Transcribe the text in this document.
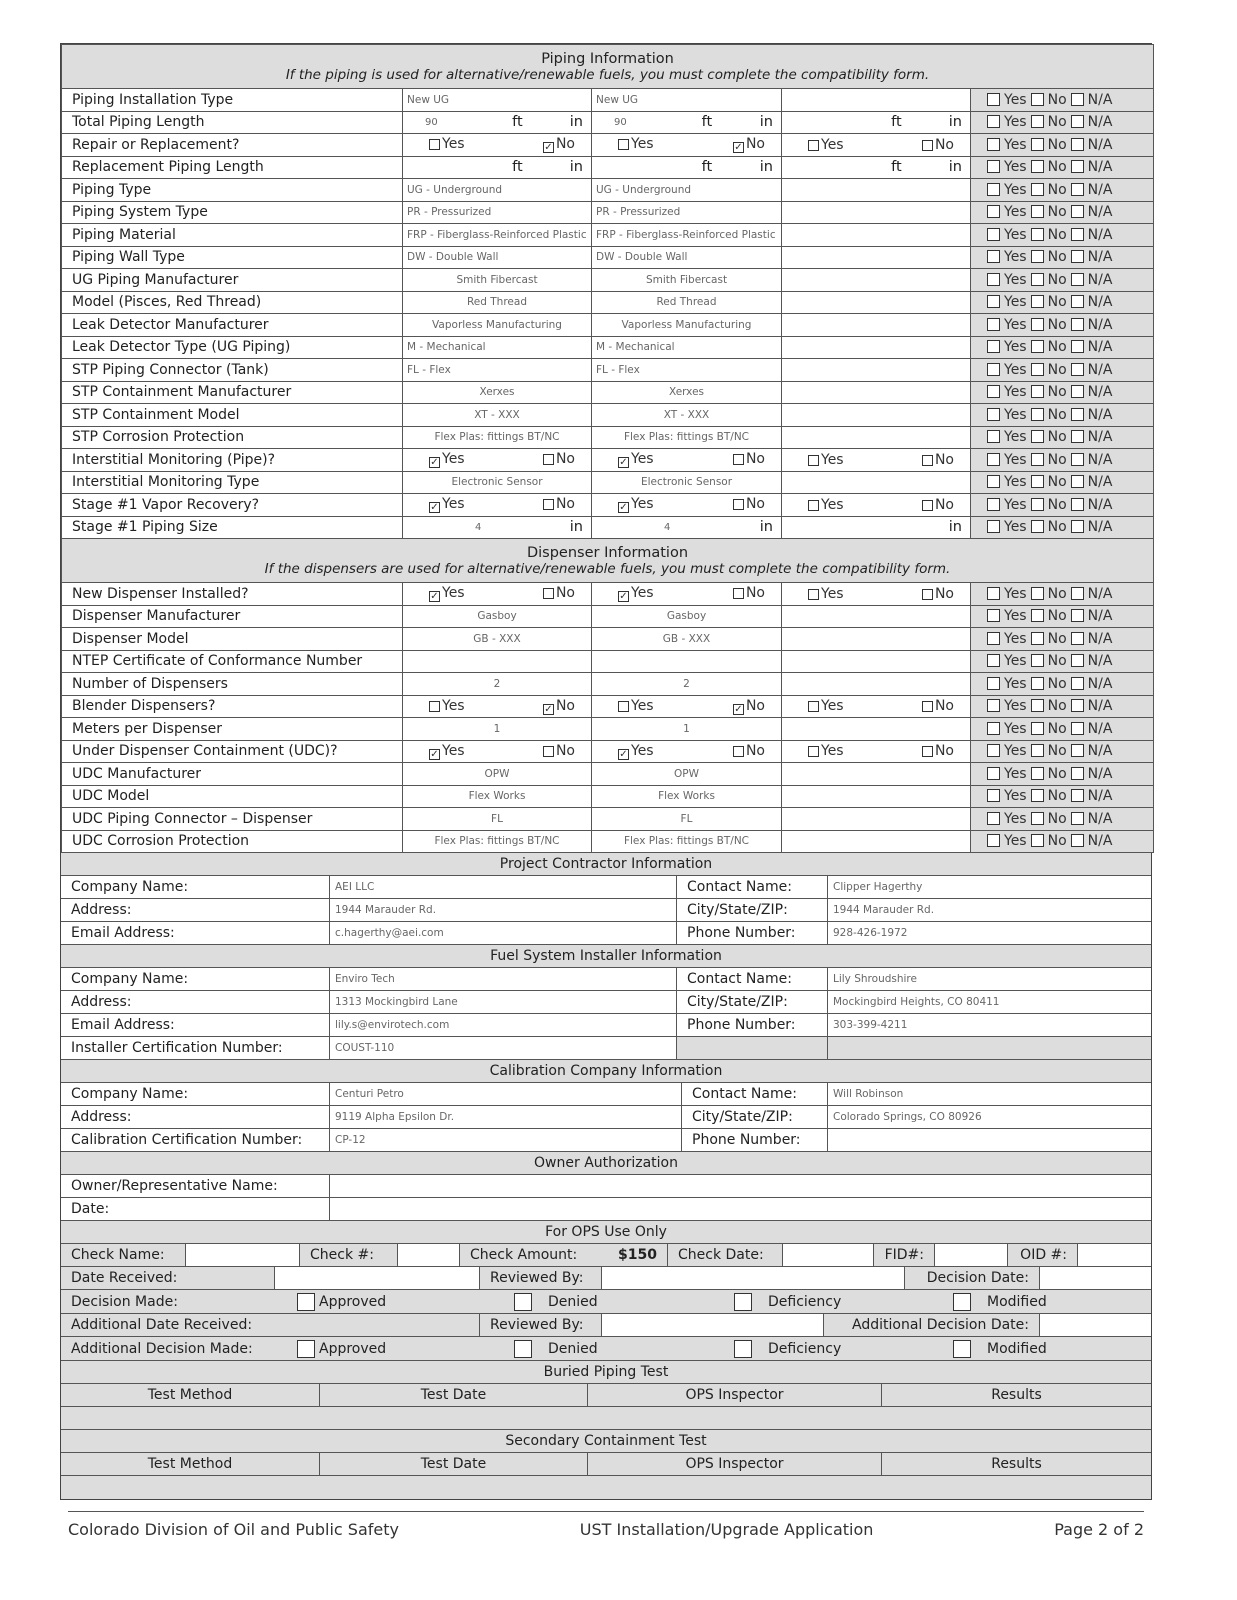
Piping Information
If the piping is used for alternative/renewable fuels, you must complete the compatibility form.				

Piping Installation Type	New UG	New UG		Yes No N/A
Total Piping Length	90 ft in	90 ft in	ft in	Yes No N/A
Repair or Replacement?	Yes ✓ No	Yes ✓ No	Yes No	Yes No N/A
Replacement Piping Length	ft in	ft in	ft in	Yes No N/A
Piping Type	UG - Underground	UG - Underground		Yes No N/A
Piping System Type	PR - Pressurized	PR - Pressurized		Yes No N/A
Piping Material	FRP - Fiberglass-Reinforced Plastic	FRP - Fiberglass-Reinforced Plastic		Yes No N/A
Piping Wall Type	DW - Double Wall	DW - Double Wall		Yes No N/A
UG Piping Manufacturer	Smith Fibercast	Smith Fibercast		Yes No N/A
Model (Pisces, Red Thread)	Red Thread	Red Thread		Yes No N/A
Leak Detector Manufacturer	Vaporless Manufacturing	Vaporless Manufacturing		Yes No N/A
Leak Detector Type (UG Piping)	M - Mechanical	M - Mechanical		Yes No N/A
STP Piping Connector (Tank)	FL - Flex	FL - Flex		Yes No N/A
STP Containment Manufacturer	Xerxes	Xerxes		Yes No N/A
STP Containment Model	XT - XXX	XT - XXX		Yes No N/A
STP Corrosion Protection	Flex Plas: fittings BT/NC	Flex Plas: fittings BT/NC		Yes No N/A
Interstitial Monitoring (Pipe)?	✓ Yes No	✓ Yes No	Yes No	Yes No N/A
Interstitial Monitoring Type	Electronic Sensor	Electronic Sensor		Yes No N/A
Stage #1 Vapor Recovery?	✓ Yes No	✓ Yes No	Yes No	Yes No N/A
Stage #1 Piping Size	4 in	4 in	in	Yes No N/A
Dispenser Information
If the dispensers are used for alternative/renewable fuels, you must complete the compatibility form.				

New Dispenser Installed?	✓ Yes No	✓ Yes No	Yes No	Yes No N/A
Dispenser Manufacturer	Gasboy	Gasboy		Yes No N/A
Dispenser Model	GB - XXX	GB - XXX		Yes No N/A
NTEP Certificate of Conformance Number				Yes No N/A
Number of Dispensers	2	2		Yes No N/A
Blender Dispensers?	Yes ✓ No	Yes ✓ No	Yes No	Yes No N/A
Meters per Dispenser	1	1		Yes No N/A
Under Dispenser Containment (UDC)?	✓ Yes No	✓ Yes No	Yes No	Yes No N/A
UDC Manufacturer	OPW	OPW		Yes No N/A
UDC Model	Flex Works	Flex Works		Yes No N/A
UDC Piping Connector – Dispenser	FL	FL		Yes No N/A
UDC Corrosion Protection	Flex Plas: fittings BT/NC	Flex Plas: fittings BT/NC		Yes No N/A
Project Contractor Information
Company Name:	AEI LLC	Contact Name:	Clipper Hagerthy
Address:	1944 Marauder Rd.	City/State/ZIP:	1944 Marauder Rd.
Email Address:	c.hagerthy@aei.com	Phone Number:	928-426-1972
Fuel System Installer Information
Company Name:	Enviro Tech	Contact Name:	Lily Shroudshire
Address:	1313 Mockingbird Lane	City/State/ZIP:	Mockingbird Heights, CO 80411
Email Address:	lily.s@envirotech.com	Phone Number:	303-399-4211
Installer Certification Number:	COUST-110
Calibration Company Information
Company Name:	Centuri Petro	Contact Name:	Will Robinson
Address:	9119 Alpha Epsilon Dr.	City/State/ZIP:	Colorado Springs, CO 80926
Calibration Certification Number:	CP-12	Phone Number:
Owner Authorization
Owner/Representative Name:
Date:
For OPS Use Only
Check Name:	Check #:	Check Amount:	$150	Check Date:	FID#:	OID #:
Date Received:	Reviewed By:	Decision Date:
Decision Made:	Approved	Denied	Deficiency	Modified
Additional Date Received:	Reviewed By:	Additional Decision Date:
Additional Decision Made:	Approved	Denied	Deficiency	Modified
Buried Piping Test
Test Method	Test Date	OPS Inspector	Results
Secondary Containment Test
Test Method	Test Date	OPS Inspector	Results
Colorado Division of Oil and Public Safety	UST Installation/Upgrade Application	Page 2 of 2
